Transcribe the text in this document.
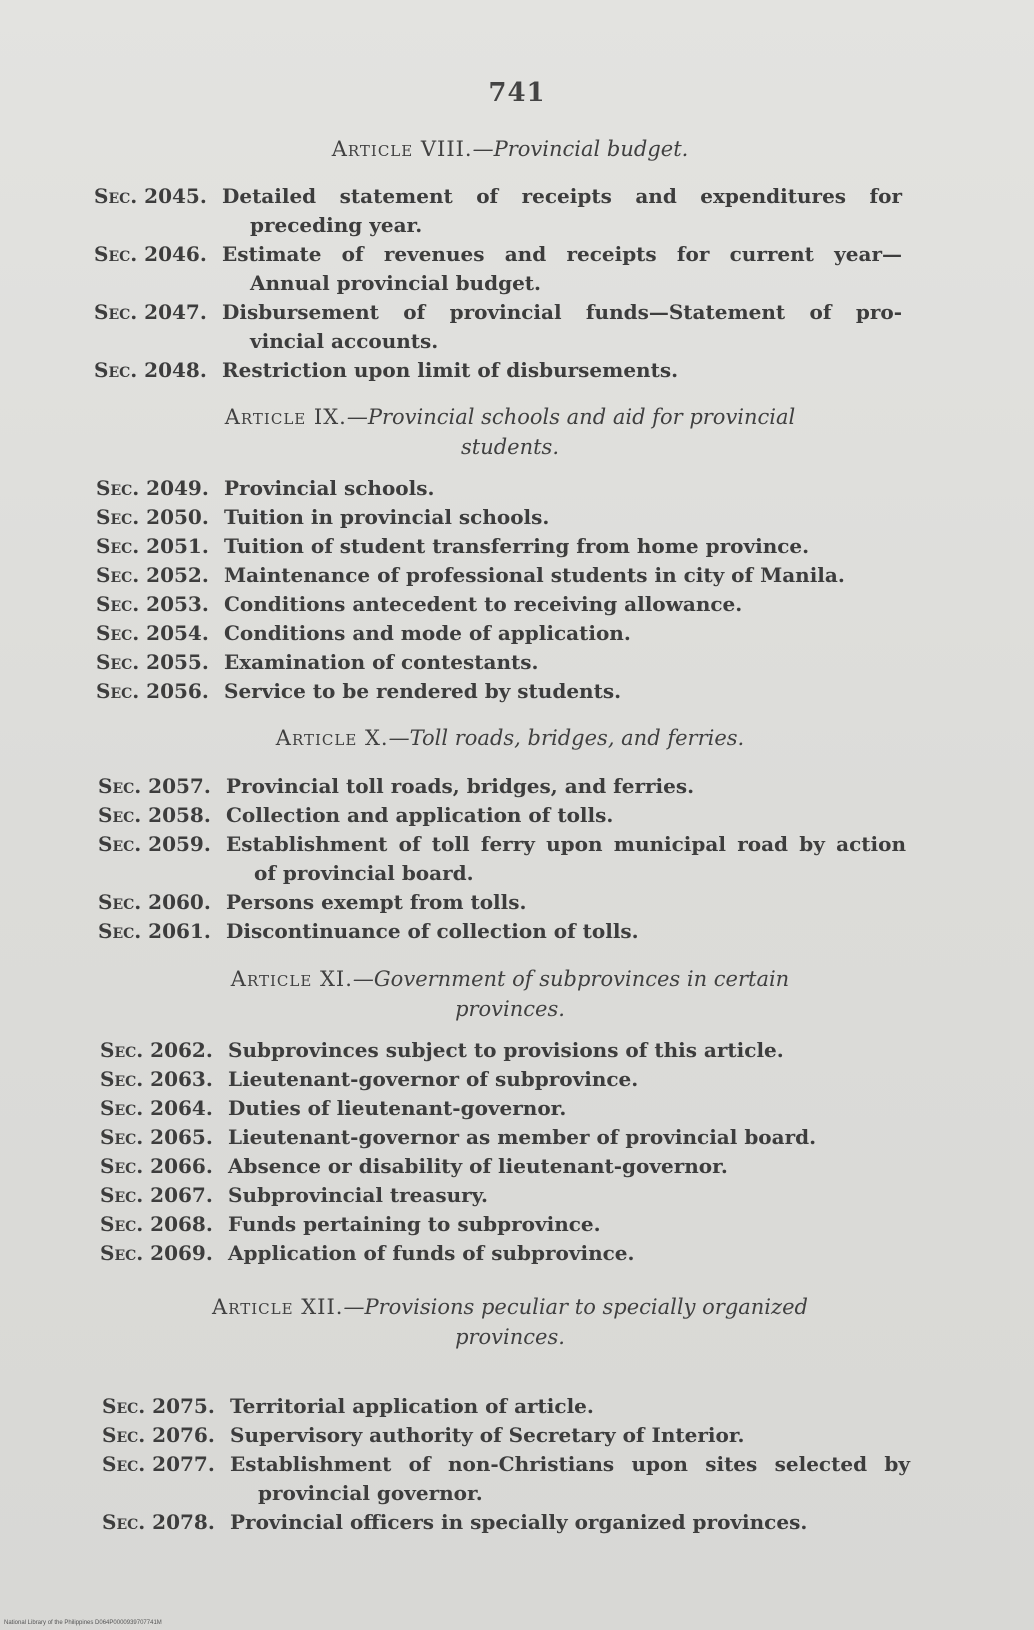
741
Article VIII.—Provincial budget.
Sec. 2045. Detailed statement of receipts and expenditures for
preceding year.
Sec. 2046. Estimate of revenues and receipts for current year—
Annual provincial budget.
Sec. 2047. Disbursement of provincial funds—Statement of pro-
vincial accounts.
Sec. 2048. Restriction upon limit of disbursements.
Article IX.—Provincial schools and aid for provincial
students.
Sec. 2049. Provincial schools.
Sec. 2050. Tuition in provincial schools.
Sec. 2051. Tuition of student transferring from home province.
Sec. 2052. Maintenance of professional students in city of Manila.
Sec. 2053. Conditions antecedent to receiving allowance.
Sec. 2054. Conditions and mode of application.
Sec. 2055. Examination of contestants.
Sec. 2056. Service to be rendered by students.
Article X.—Toll roads, bridges, and ferries.
Sec. 2057. Provincial toll roads, bridges, and ferries.
Sec. 2058. Collection and application of tolls.
Sec. 2059. Establishment of toll ferry upon municipal road by action
of provincial board.
Sec. 2060. Persons exempt from tolls.
Sec. 2061. Discontinuance of collection of tolls.
Article XI.—Government of subprovinces in certain
provinces.
Sec. 2062. Subprovinces subject to provisions of this article.
Sec. 2063. Lieutenant-governor of subprovince.
Sec. 2064. Duties of lieutenant-governor.
Sec. 2065. Lieutenant-governor as member of provincial board.
Sec. 2066. Absence or disability of lieutenant-governor.
Sec. 2067. Subprovincial treasury.
Sec. 2068. Funds pertaining to subprovince.
Sec. 2069. Application of funds of subprovince.
Article XII.—Provisions peculiar to specially organized
provinces.
Sec. 2075. Territorial application of article.
Sec. 2076. Supervisory authority of Secretary of Interior.
Sec. 2077. Establishment of non-Christians upon sites selected by
provincial governor.
Sec. 2078. Provincial officers in specially organized provinces.
National Library of the Philippines D064P0000939707741M
